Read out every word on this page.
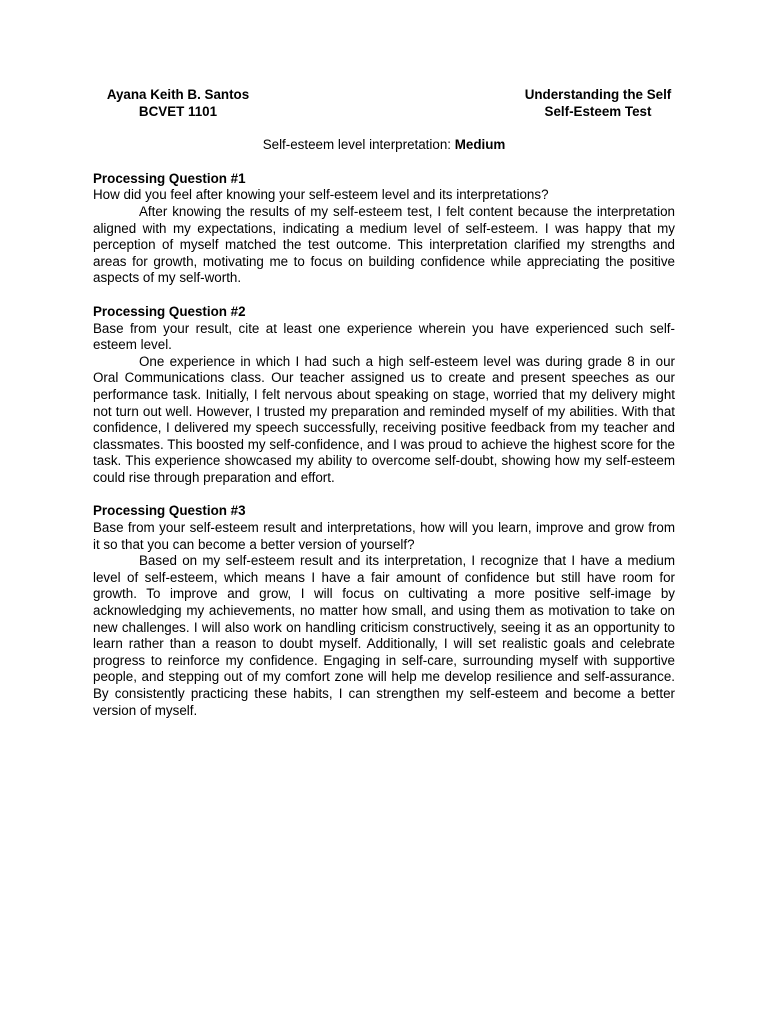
Ayana Keith B. Santos

BCVET 1101

Understanding the Self

Self-Esteem Test

Self-esteem level interpretation: Medium

Processing Question #1

How did you feel after knowing your self-esteem level and its interpretations?

After knowing the results of my self-esteem test, I felt content because the interpretation aligned with my expectations, indicating a medium level of self-esteem. I was happy that my perception of myself matched the test outcome. This interpretation clarified my strengths and areas for growth, motivating me to focus on building confidence while appreciating the positive aspects of my self-worth.

Processing Question #2

Base from your result, cite at least one experience wherein you have experienced such self-esteem level.

One experience in which I had such a high self-esteem level was during grade 8 in our Oral Communications class. Our teacher assigned us to create and present speeches as our performance task. Initially, I felt nervous about speaking on stage, worried that my delivery might not turn out well. However, I trusted my preparation and reminded myself of my abilities. With that confidence, I delivered my speech successfully, receiving positive feedback from my teacher and classmates. This boosted my self-confidence, and I was proud to achieve the highest score for the task. This experience showcased my ability to overcome self-doubt, showing how my self-esteem could rise through preparation and effort.

Processing Question #3

Base from your self-esteem result and interpretations, how will you learn, improve and grow from it so that you can become a better version of yourself?

Based on my self-esteem result and its interpretation, I recognize that I have a medium level of self-esteem, which means I have a fair amount of confidence but still have room for growth. To improve and grow, I will focus on cultivating a more positive self-image by acknowledging my achievements, no matter how small, and using them as motivation to take on new challenges. I will also work on handling criticism constructively, seeing it as an opportunity to learn rather than a reason to doubt myself. Additionally, I will set realistic goals and celebrate progress to reinforce my confidence. Engaging in self-care, surrounding myself with supportive people, and stepping out of my comfort zone will help me develop resilience and self-assurance. By consistently practicing these habits, I can strengthen my self-esteem and become a better version of myself.
